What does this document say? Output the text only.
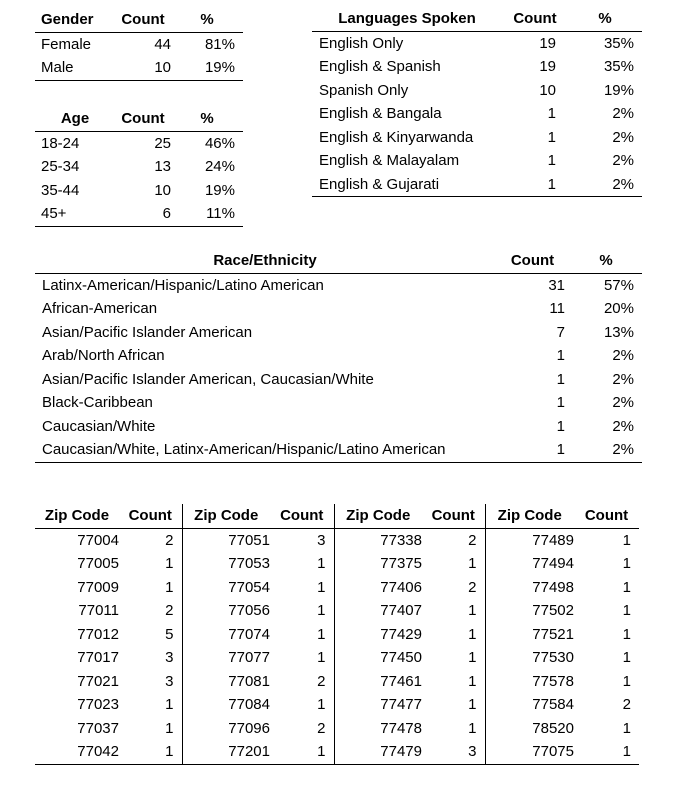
Gender	Count	%
Female	44	81%
Male	10	19%
Age	Count	%
18-24	25	46%
25-34	13	24%
35-44	10	19%
45+	6	11%
Languages Spoken	Count	%
English Only	19	35%
English & Spanish	19	35%
Spanish Only	10	19%
English & Bangala	1	2%
English & Kinyarwanda	1	2%
English & Malayalam	1	2%
English & Gujarati	1	2%
Race/Ethnicity	Count	%
Latinx-American/Hispanic/Latino American	31	57%
African-American	11	20%
Asian/Pacific Islander American	7	13%
Arab/North African	1	2%
Asian/Pacific Islander American, Caucasian/White	1	2%
Black-Caribbean	1	2%
Caucasian/White	1	2%
Caucasian/White, Latinx-American/Hispanic/Latino American	1	2%
Zip Code	Count	Zip Code	Count	Zip Code	Count	Zip Code	Count
77004	2	77051	3	77338	2	77489	1
77005	1	77053	1	77375	1	77494	1
77009	1	77054	1	77406	2	77498	1
77011	2	77056	1	77407	1	77502	1
77012	5	77074	1	77429	1	77521	1
77017	3	77077	1	77450	1	77530	1
77021	3	77081	2	77461	1	77578	1
77023	1	77084	1	77477	1	77584	2
77037	1	77096	2	77478	1	78520	1
77042	1	77201	1	77479	3	77075	1
